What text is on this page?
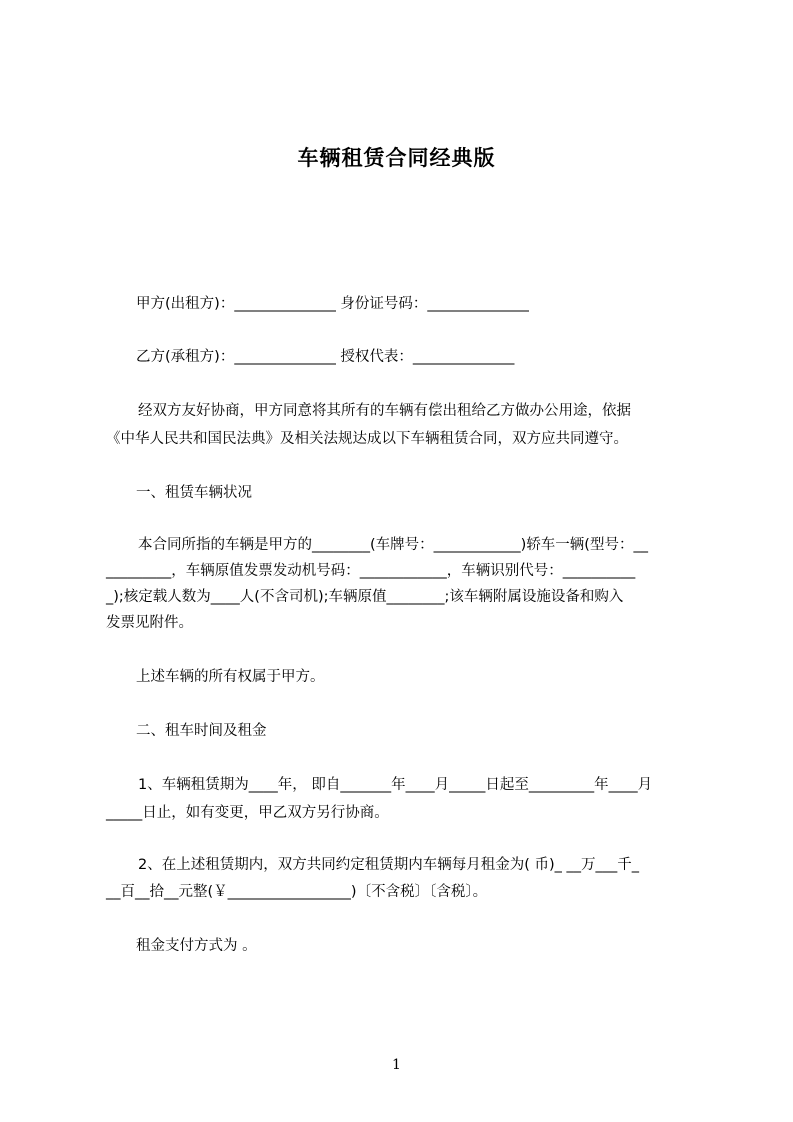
车辆租赁合同经典版
甲方(出租方)：______________ 身份证号码：______________
乙方(承租方)：______________ 授权代表：______________
经双方友好协商，甲方同意将其所有的车辆有偿出租给乙方做办公用途，依据
《中华人民共和国民法典》及相关法规达成以下车辆租赁合同，双方应共同遵守。
一、租赁车辆状况
本合同所指的车辆是甲方的________(车牌号：____________)轿车一辆(型号：__
_________，车辆原值发票发动机号码：____________，车辆识别代号：__________
_);核定载人数为____人(不含司机);车辆原值________;该车辆附属设施设备和购入
发票见附件。
上述车辆的所有权属于甲方。
二、租车时间及租金
1、车辆租赁期为____年， 即自_______年____月_____日起至_________年____月
_____日止，如有变更，甲乙双方另行协商。
2、在上述租赁期内，双方共同约定租赁期内车辆每月租金为( 币)_ __万___千_
__百__拾__元整(￥_________________)〔不含税〕〔含税〕。
租金支付方式为 。
1
